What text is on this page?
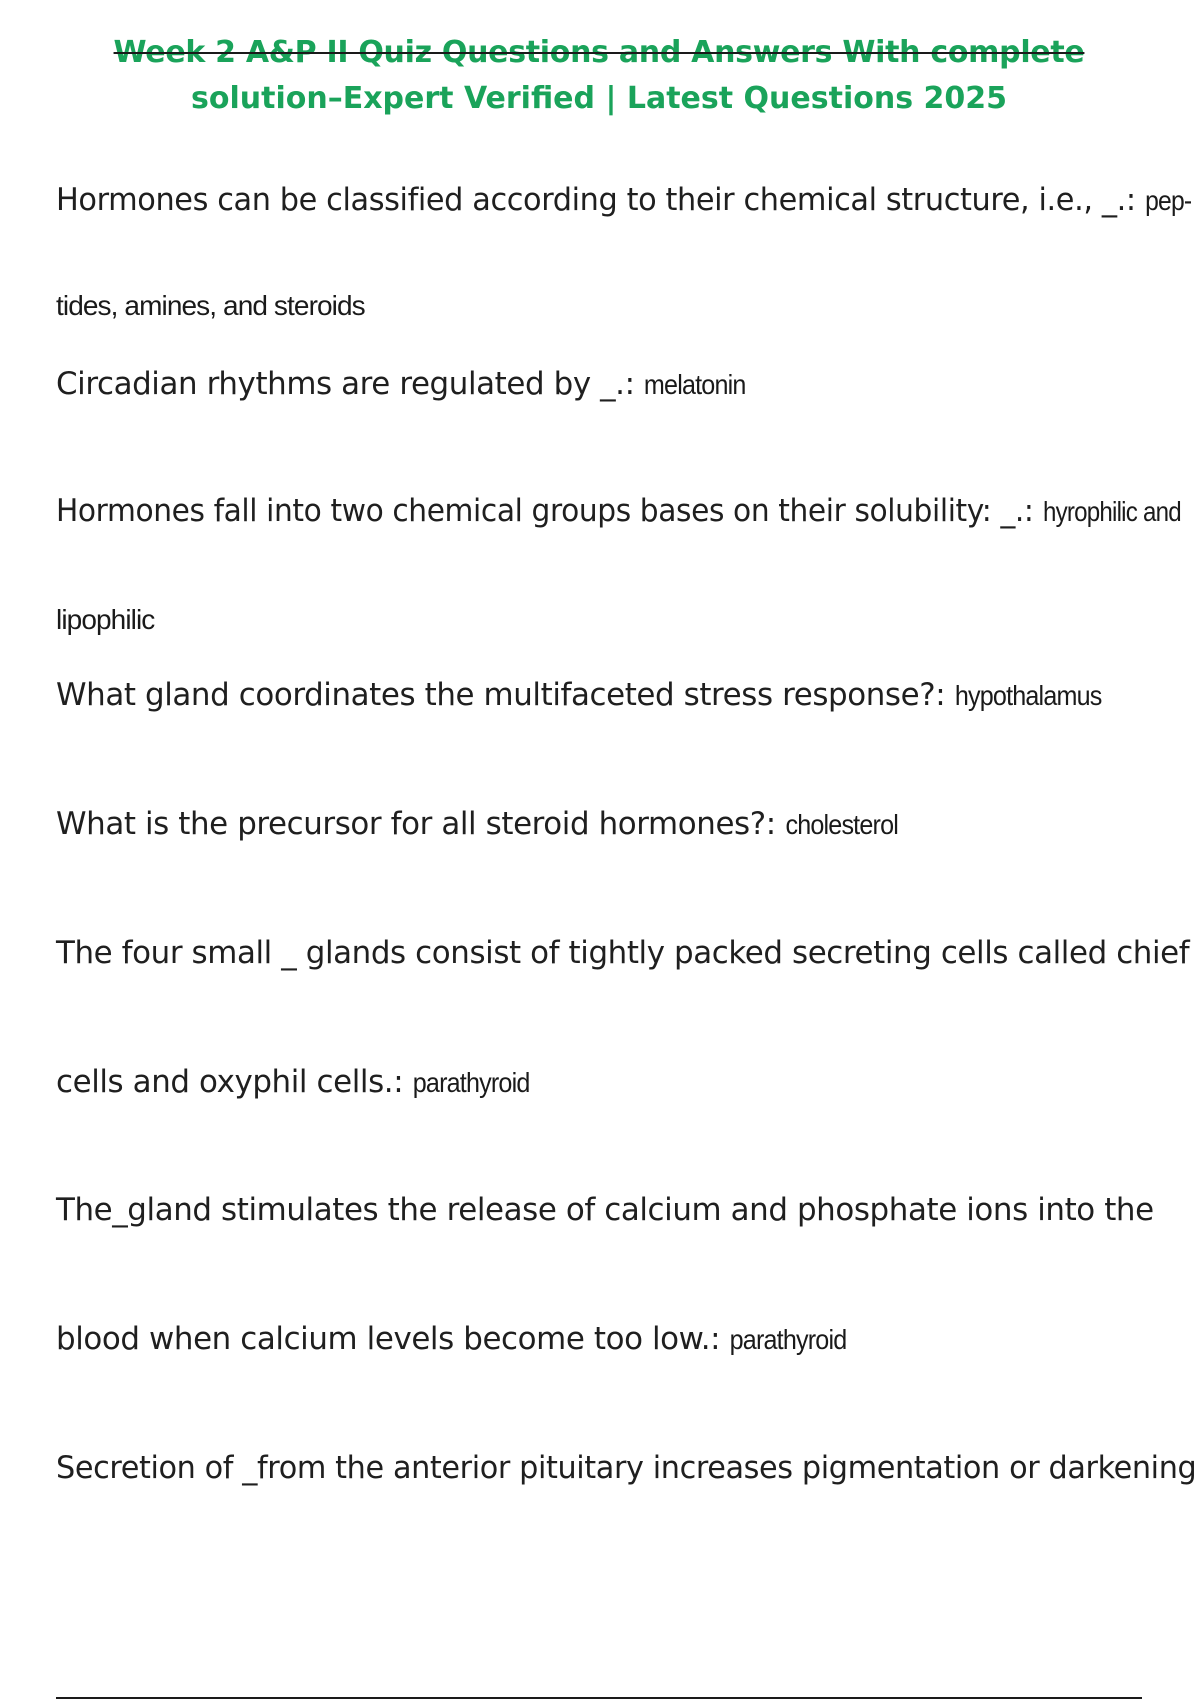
Week 2 A&P II Quiz Questions and Answers With complete
solution–Expert Verified | Latest Questions 2025
Hormones can be classified according to their chemical structure, i.e., _.: pep-
tides, amines, and steroids
Circadian rhythms are regulated by _.: melatonin
Hormones fall into two chemical groups bases on their solubility: _.: hyrophilic and
lipophilic
What gland coordinates the multifaceted stress response?: hypothalamus
What is the precursor for all steroid hormones?: cholesterol
The four small _ glands consist of tightly packed secreting cells called chief
cells and oxyphil cells.: parathyroid
The_gland stimulates the release of calcium and phosphate ions into the
blood when calcium levels become too low.: parathyroid
Secretion of _from the anterior pituitary increases pigmentation or darkening
